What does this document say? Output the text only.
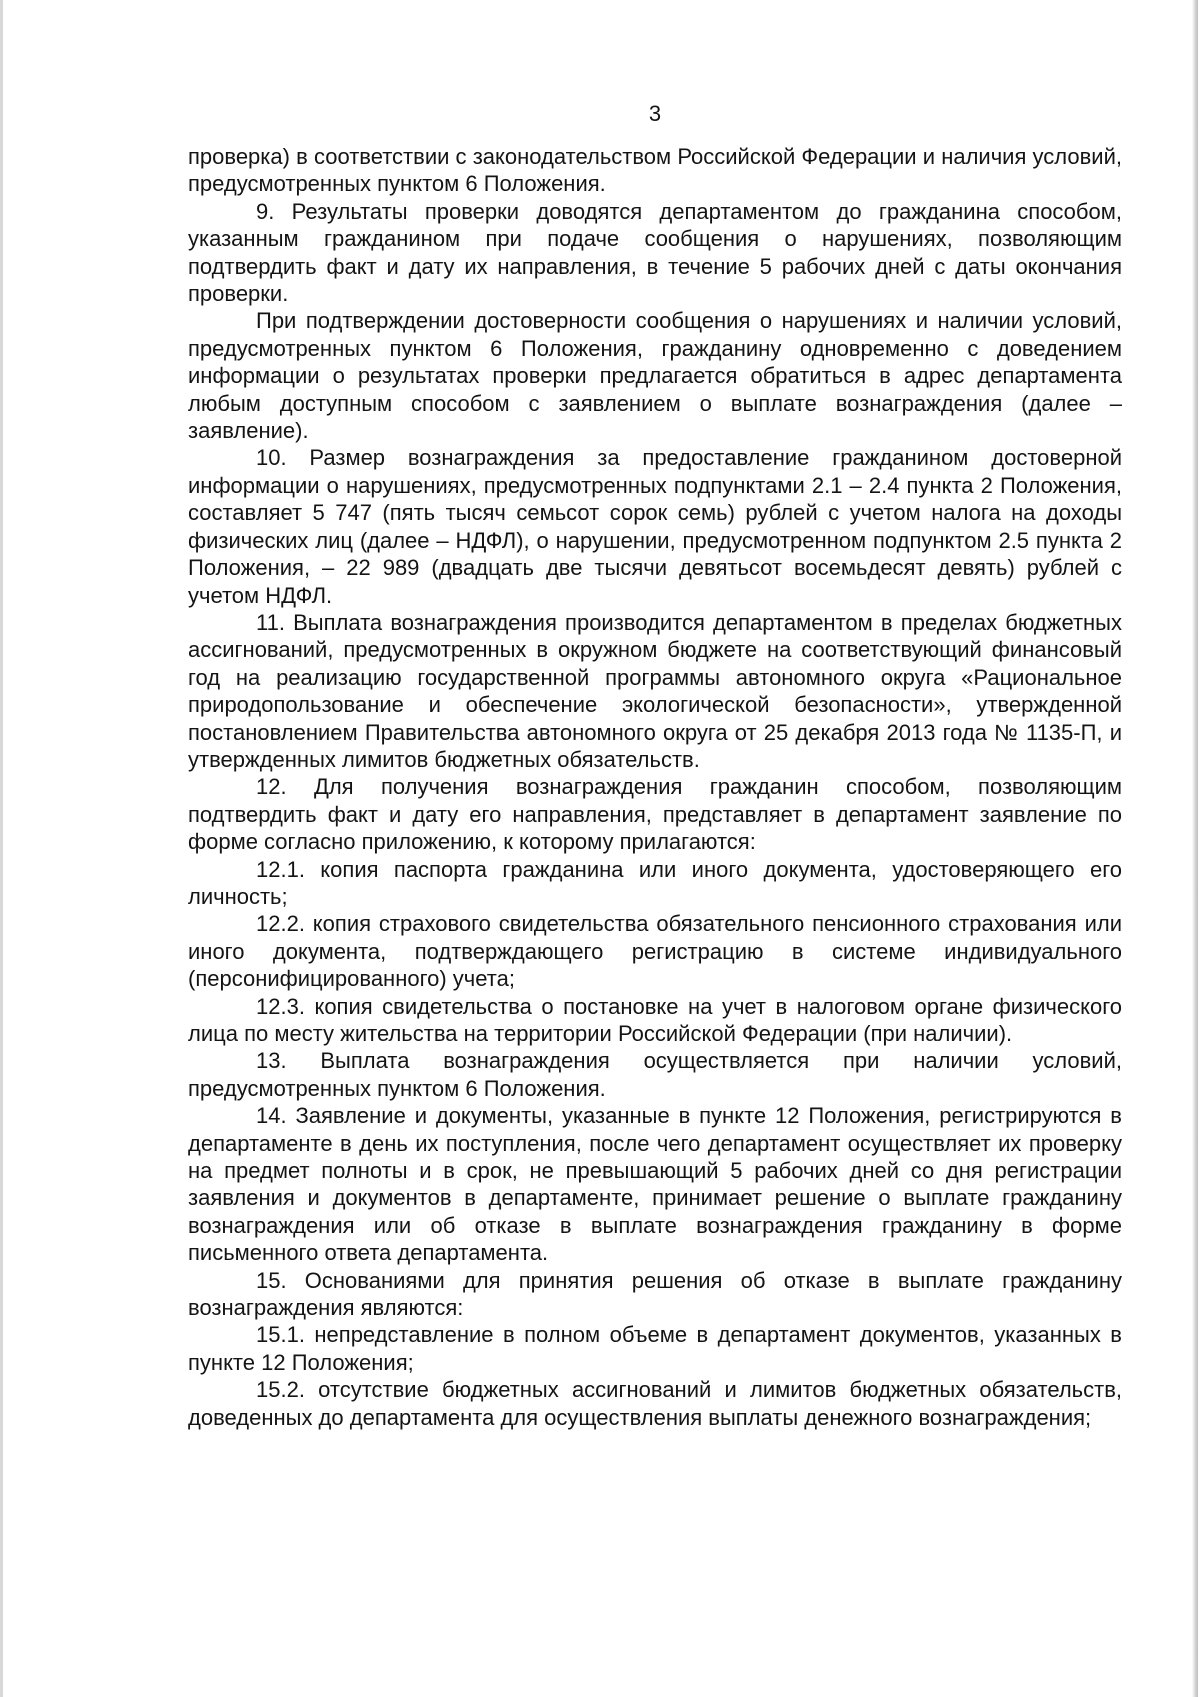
3

проверка) в соответствии с законодательством Российской Федерации и наличия условий, предусмотренных пунктом 6 Положения.

9. Результаты проверки доводятся департаментом до гражданина способом, указанным гражданином при подаче сообщения о нарушениях, позволяющим подтвердить факт и дату их направления, в течение 5 рабочих дней с даты окончания проверки.

При подтверждении достоверности сообщения о нарушениях и наличии условий, предусмотренных пунктом 6 Положения, гражданину одновременно с доведением информации о результатах проверки предлагается обратиться в адрес департамента любым доступным способом с заявлением о выплате вознаграждения (далее – заявление).

10. Размер вознаграждения за предоставление гражданином достоверной информации о нарушениях, предусмотренных подпунктами 2.1 – 2.4 пункта 2 Положения, составляет 5 747 (пять тысяч семьсот сорок семь) рублей с учетом налога на доходы физических лиц (далее – НДФЛ), о нарушении, предусмотренном подпунктом 2.5 пункта 2 Положения, – 22 989 (двадцать две тысячи девятьсот восемьдесят девять) рублей с учетом НДФЛ.

11. Выплата вознаграждения производится департаментом в пределах бюджетных ассигнований, предусмотренных в окружном бюджете на соответствующий финансовый год на реализацию государственной программы автономного округа «Рациональное природопользование и обеспечение экологической безопасности», утвержденной постановлением Правительства автономного округа от 25 декабря 2013 года № 1135-П, и утвержденных лимитов бюджетных обязательств.

12. Для получения вознаграждения гражданин способом, позволяющим подтвердить факт и дату его направления, представляет в департамент заявление по форме согласно приложению, к которому прилагаются:

12.1. копия паспорта гражданина или иного документа, удостоверяющего его личность;

12.2. копия страхового свидетельства обязательного пенсионного страхования или иного документа, подтверждающего регистрацию в системе индивидуального (персонифицированного) учета;

12.3. копия свидетельства о постановке на учет в налоговом органе физического лица по месту жительства на территории Российской Федерации (при наличии).

13. Выплата вознаграждения осуществляется при наличии условий, предусмотренных пунктом 6 Положения.

14. Заявление и документы, указанные в пункте 12 Положения, регистрируются в департаменте в день их поступления, после чего департамент осуществляет их проверку на предмет полноты и в срок, не превышающий 5 рабочих дней со дня регистрации заявления и документов в департаменте, принимает решение о выплате гражданину вознаграждения или об отказе в выплате вознаграждения гражданину в форме письменного ответа департамента.

15. Основаниями для принятия решения об отказе в выплате гражданину вознаграждения являются:

15.1. непредставление в полном объеме в департамент документов, указанных в пункте 12 Положения;

15.2. отсутствие бюджетных ассигнований и лимитов бюджетных обязательств, доведенных до департамента для осуществления выплаты денежного вознаграждения;
